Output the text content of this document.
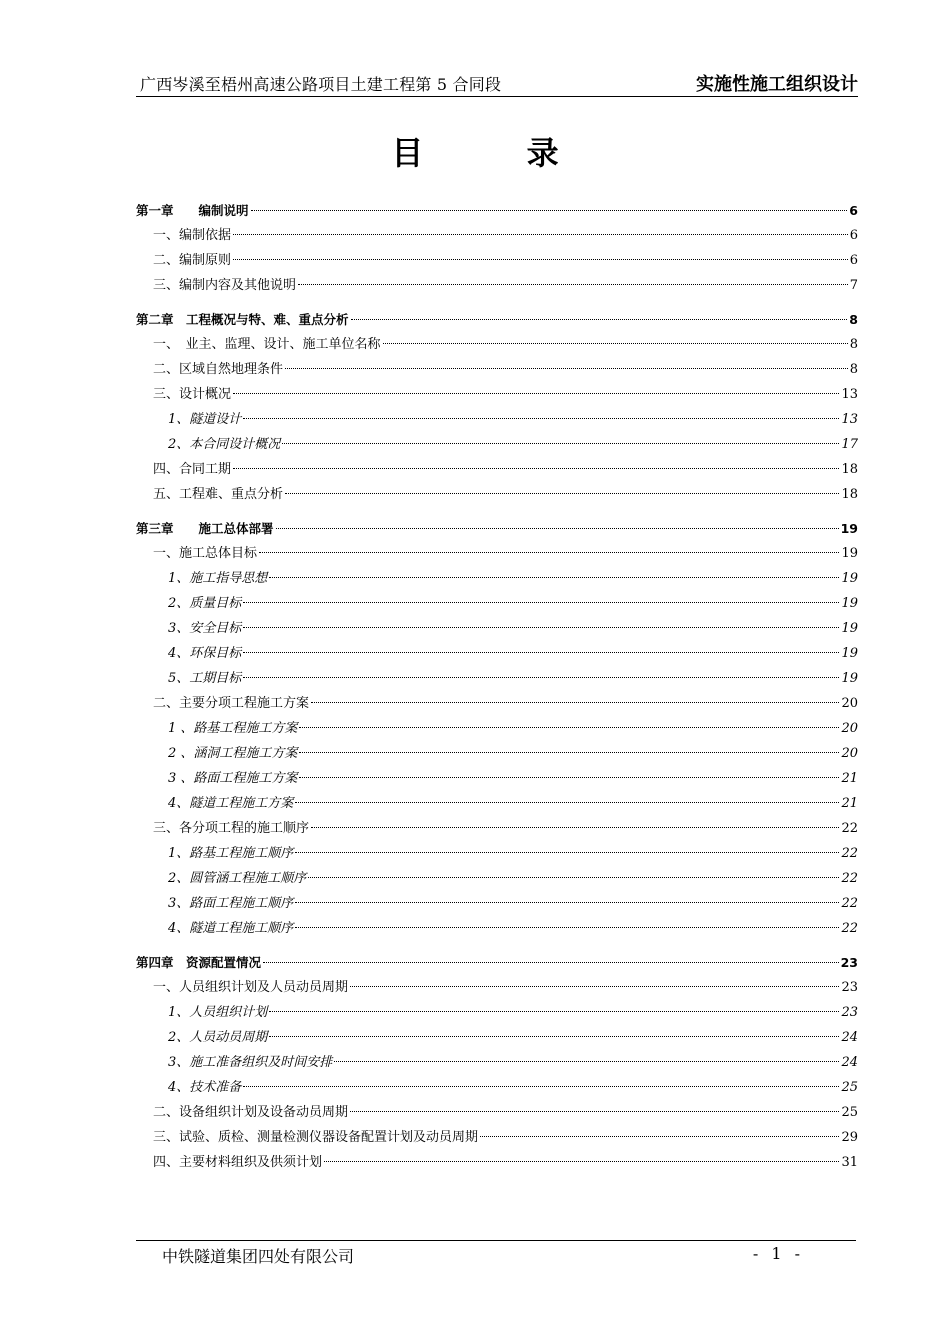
广西岑溪至梧州高速公路项目土建工程第 5 合同段	实施性施工组织设计
目 录
第一章　　编制说明	6
一、编制依据	6
二、编制原则	6
三、编制内容及其他说明	7
第二章　工程概况与特、难、重点分析	8
一、　业主、监理、设计、施工单位名称	8
二、区域自然地理条件	8
三、设计概况	13
1、隧道设计	13
2、本合同设计概况	17
四、合同工期	18
五、工程难、重点分析	18
第三章　　施工总体部署	19
一、施工总体目标	19
1、施工指导思想	19
2、质量目标	19
3、安全目标	19
4、环保目标	19
5、工期目标	19
二、主要分项工程施工方案	20
1 、路基工程施工方案	20
2 、涵洞工程施工方案	20
3 、路面工程施工方案	21
4、隧道工程施工方案	21
三、各分项工程的施工顺序	22
1、路基工程施工顺序	22
2、圆管涵工程施工顺序	22
3、路面工程施工顺序	22
4、隧道工程施工顺序	22
第四章　资源配置情况	23
一、人员组织计划及人员动员周期	23
1、人员组织计划	23
2、人员动员周期	24
3、施工准备组织及时间安排	24
4、技术准备	25
二、设备组织计划及设备动员周期	25
三、试验、质检、测量检测仪器设备配置计划及动员周期	29
四、主要材料组织及供须计划	31
中铁隧道集团四处有限公司	- 1 -
